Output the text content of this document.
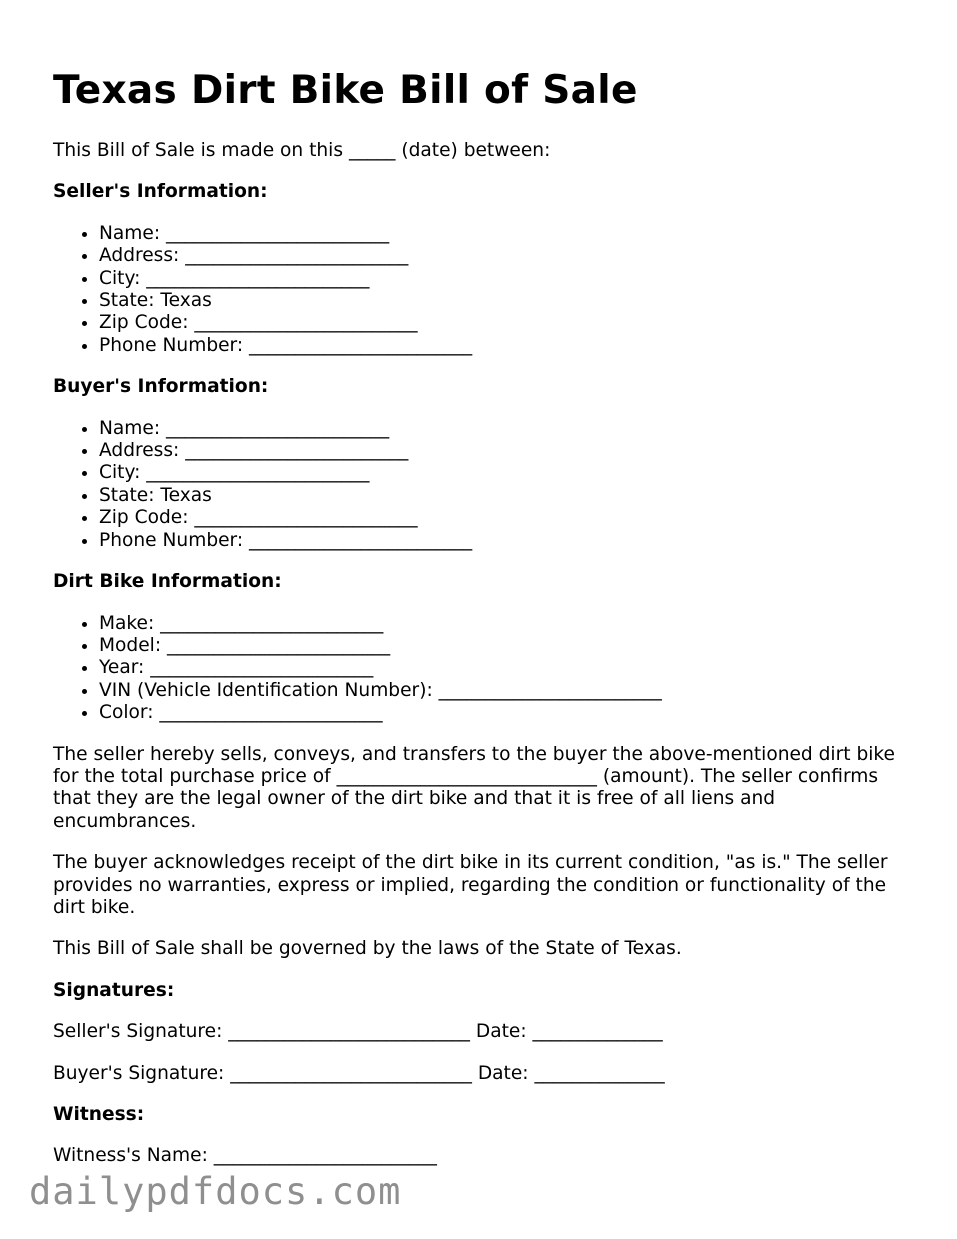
Texas Dirt Bike Bill of Sale

This Bill of Sale is made on this _____ (date) between:

Seller's Information:
• Name: ________________________
• Address: ________________________
• City: ________________________
• State: Texas
• Zip Code: ________________________
• Phone Number: ________________________
Buyer's Information:
• Name: ________________________
• Address: ________________________
• City: ________________________
• State: Texas
• Zip Code: ________________________
• Phone Number: ________________________
Dirt Bike Information:
• Make: ________________________
• Model: ________________________
• Year: ________________________
• VIN (Vehicle Identification Number): ________________________
• Color: ________________________

The seller hereby sells, conveys, and transfers to the buyer the above-mentioned dirt bike for the total purchase price of ____________________________ (amount). The seller confirms that they are the legal owner of the dirt bike and that it is free of all liens and encumbrances.

The buyer acknowledges receipt of the dirt bike in its current condition, "as is." The seller provides no warranties, express or implied, regarding the condition or functionality of the dirt bike.

This Bill of Sale shall be governed by the laws of the State of Texas.

Signatures:

Seller's Signature: __________________________ Date: ______________

Buyer's Signature: __________________________ Date: ______________

Witness:

Witness's Name: ________________________

dailypdfdocs.com
